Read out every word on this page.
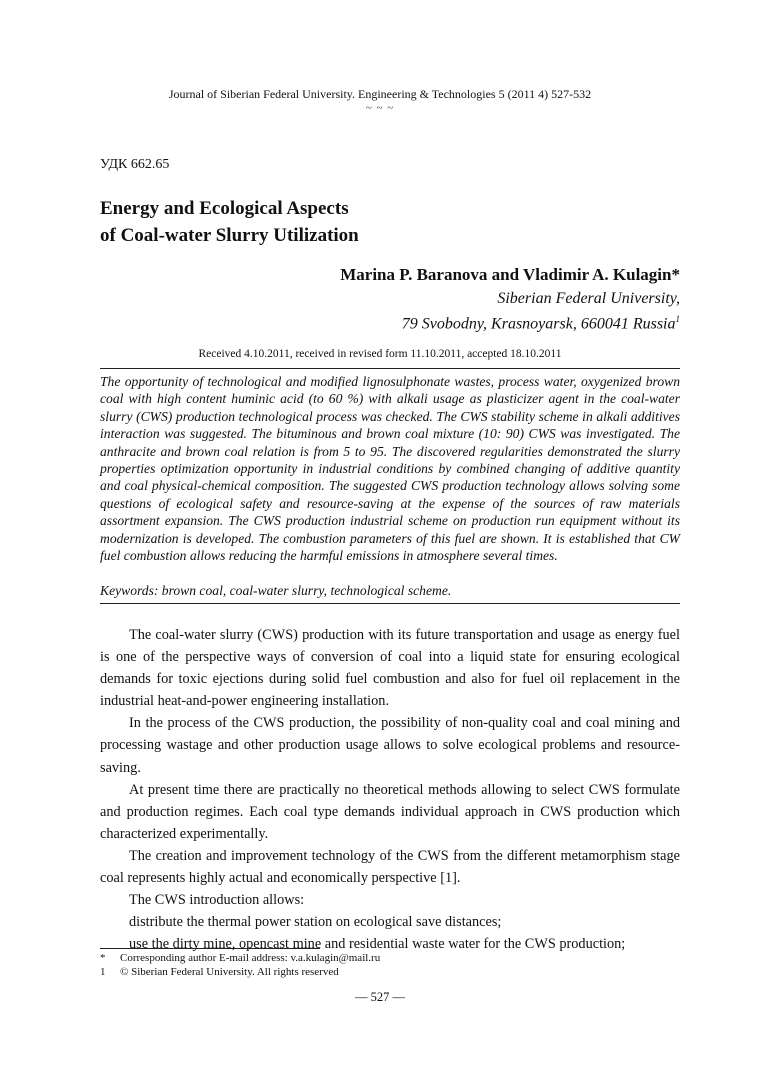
Journal of Siberian Federal University. Engineering & Technologies 5 (2011 4) 527-532
~ ~ ~
УДК 662.65
Energy and Ecological Aspects
of Coal-water Slurry Utilization
Marina P. Baranova and Vladimir A. Kulagin*
Siberian Federal University,
79 Svobodny, Krasnoyarsk, 660041 Russia$^1$
Received 4.10.2011, received in revised form 11.10.2011, accepted 18.10.2011
The opportunity of technological and modified lignosulphonate wastes, process water, oxygenized brown coal with high content huminic acid (to 60 %) with alkali usage as plasticizer agent in the coal-water slurry (CWS) production technological process was checked. The CWS stability scheme in alkali additives interaction was suggested. The bituminous and brown coal mixture (10: 90) CWS was investigated. The anthracite and brown coal relation is from 5 to 95. The discovered regularities demonstrated the slurry properties optimization opportunity in industrial conditions by combined changing of additive quantity and coal physical-chemical composition. The suggested CWS production technology allows solving some questions of ecological safety and resource-saving at the expense of the sources of raw materials assortment expansion. The CWS production industrial scheme on production run equipment without its modernization is developed. The combustion parameters of this fuel are shown. It is established that CW fuel combustion allows reducing the harmful emissions in atmosphere several times.
Keywords: brown coal, coal-water slurry, technological scheme.

The coal-water slurry (CWS) production with its future transportation and usage as energy fuel is one of the perspective ways of conversion of coal into a liquid state for ensuring ecological demands for toxic ejections during solid fuel combustion and also for fuel oil replacement in the industrial heat-and-power engineering installation.

In the process of the CWS production, the possibility of non-quality coal and coal mining and processing wastage and other production usage allows to solve ecological problems and resource-saving.

At present time there are practically no theoretical methods allowing to select CWS formulate and production regimes. Each coal type demands individual approach in CWS production which characterized experimentally.

The creation and improvement technology of the CWS from the different metamorphism stage coal represents highly actual and economically perspective [1].

The CWS introduction allows:

distribute the thermal power station on ecological save distances;

use the dirty mine, opencast mine and residential waste water for the CWS production;

* Corresponding author E-mail address: v.a.kulagin@mail.ru
1 © Siberian Federal University. All rights reserved
— 527 —
